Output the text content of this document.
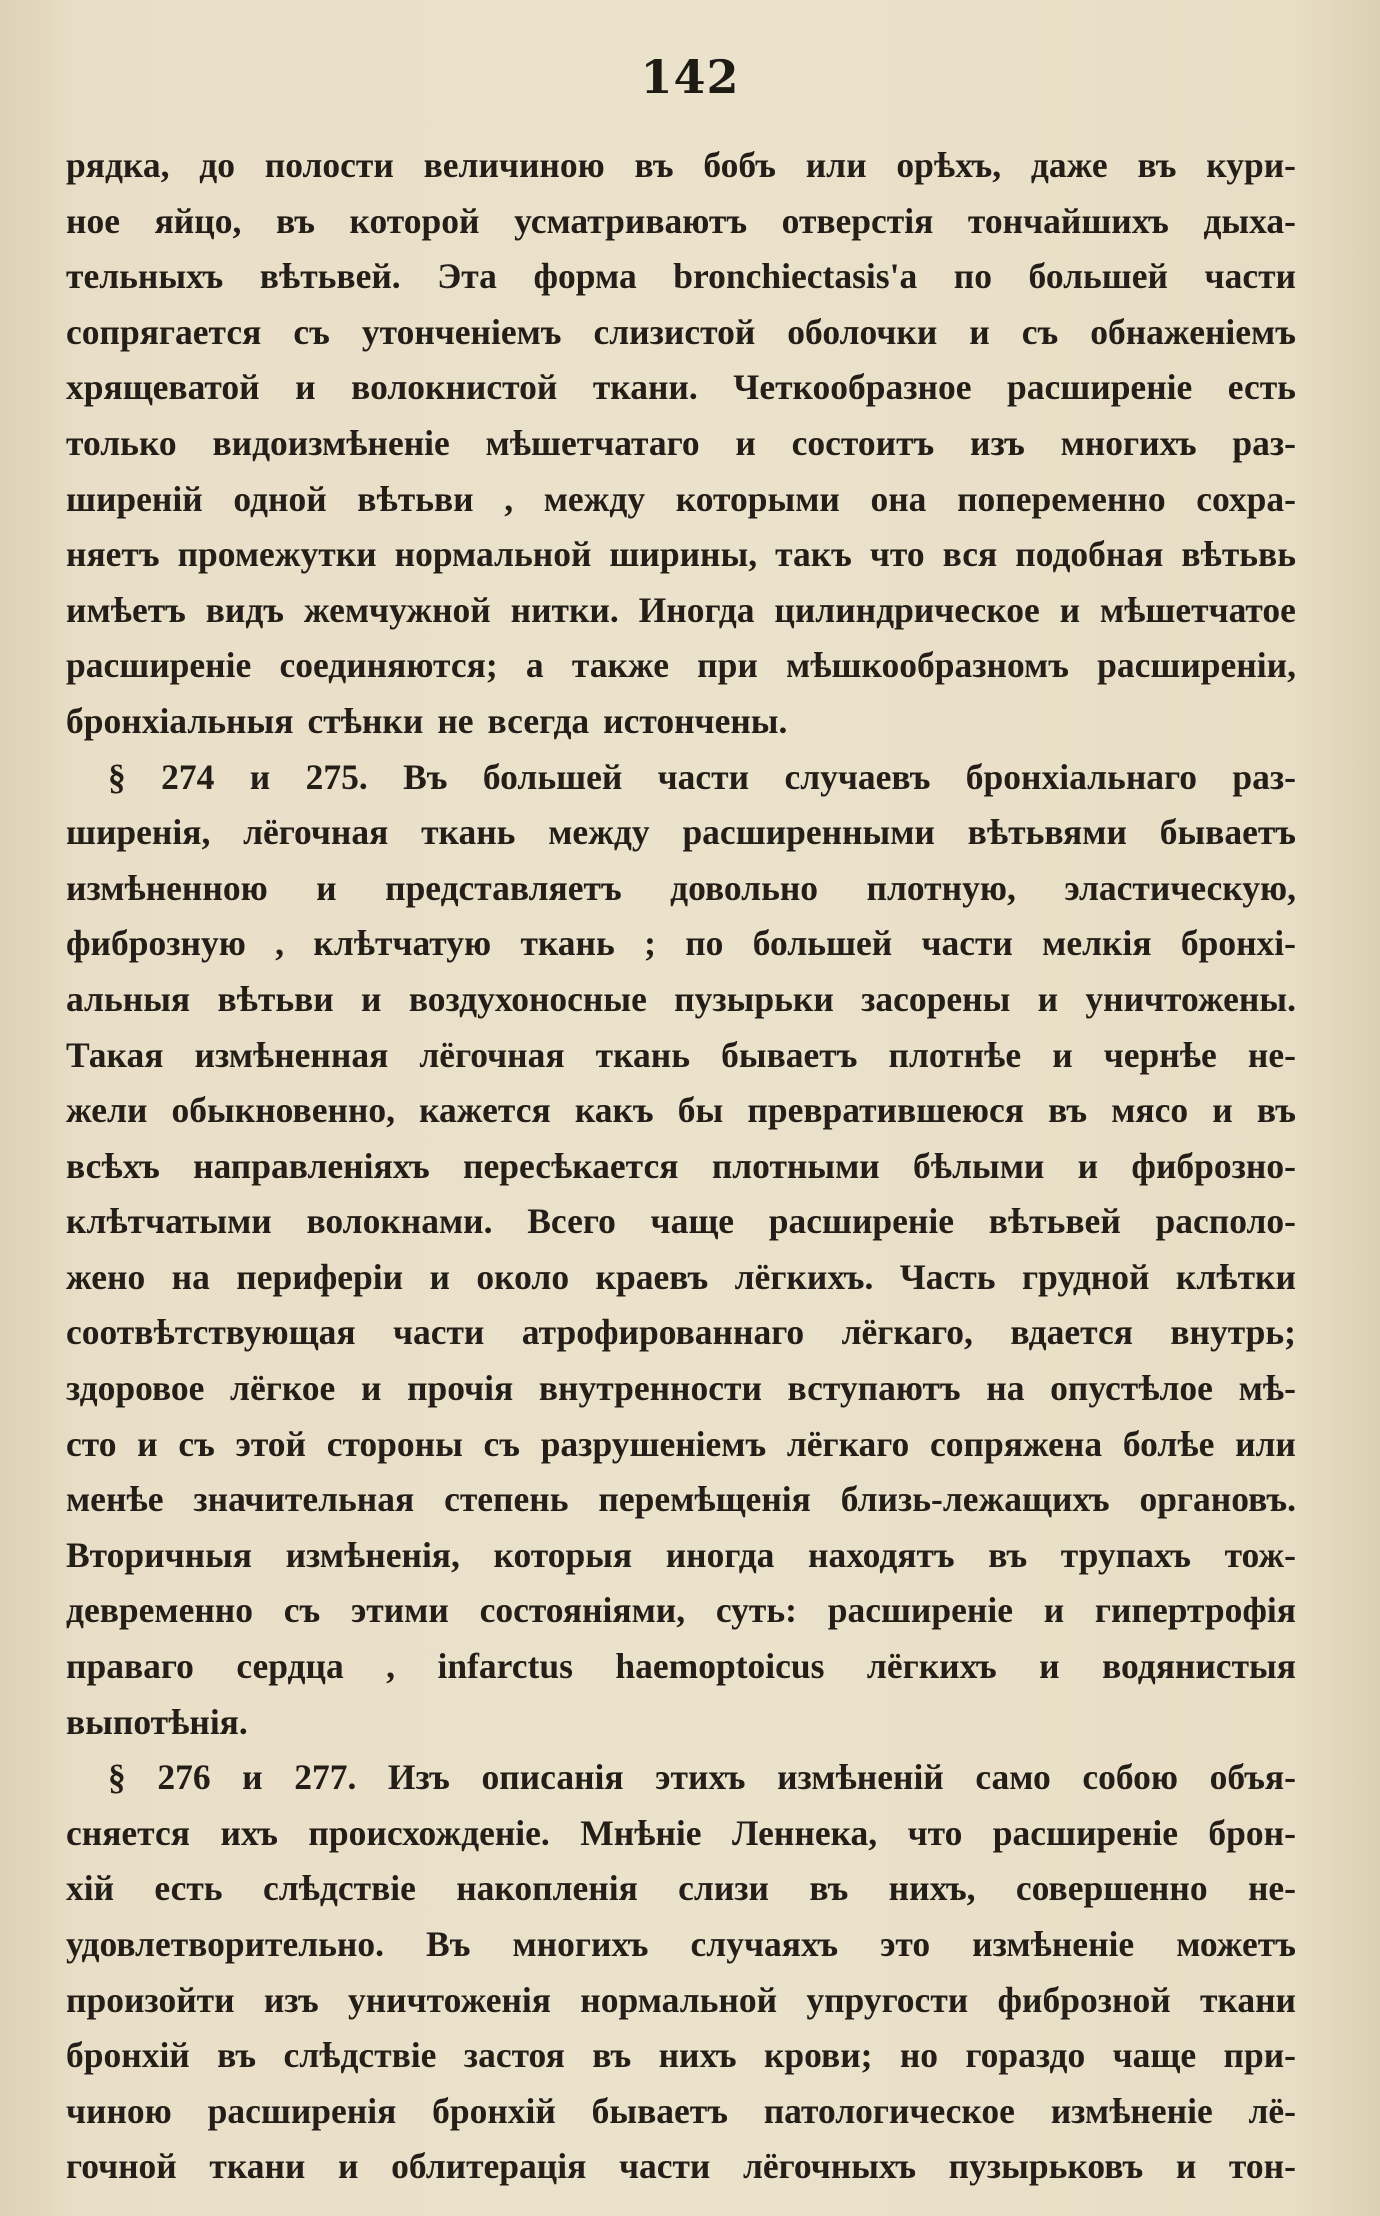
142
рядка, до полости величиною въ бобъ или орѣхъ, даже въ кури-
ное яйцо, въ которой усматриваютъ отверстія тончайшихъ дыха-
тельныхъ вѣтьвей. Эта форма bronchiectasis'а по большей части
сопрягается съ утонченіемъ слизистой оболочки и съ обнаженіемъ
хрящеватой и волокнистой ткани. Четкообразное расширеніе есть
только видоизмѣненіе мѣшетчатаго и состоитъ изъ многихъ раз-
ширеній одной вѣтьви , между которыми она попеременно сохра-
няетъ промежутки нормальной ширины, такъ что вся подобная вѣтьвь
имѣетъ видъ жемчужной нитки. Иногда цилиндрическое и мѣшетчатое
расширеніе соединяются; а также при мѣшкообразномъ расширеніи,
бронхіальныя стѣнки не всегда истончены.
§ 274 и 275. Въ большей части случаевъ бронхіальнаго раз-
ширенія, лёгочная ткань между расширенными вѣтьвями бываетъ
измѣненною и представляетъ довольно плотную, эластическую,
фиброзную , клѣтчатую ткань ; по большей части мелкія бронхі-
альныя вѣтьви и воздухоносные пузырьки засорены и уничтожены.
Такая измѣненная лёгочная ткань бываетъ плотнѣе и чернѣе не-
жели обыкновенно, кажется какъ бы превратившеюся въ мясо и въ
всѣхъ направленіяхъ пересѣкается плотными бѣлыми и фиброзно-
клѣтчатыми волокнами. Всего чаще расширеніе вѣтьвей располо-
жено на периферіи и около краевъ лёгкихъ. Часть грудной клѣтки
соотвѣтствующая части атрофированнаго лёгкаго, вдается внутрь;
здоровое лёгкое и прочія внутренности вступаютъ на опустѣлое мѣ-
сто и съ этой стороны съ разрушеніемъ лёгкаго сопряжена болѣе или
менѣе значительная степень перемѣщенія близь-лежащихъ органовъ.
Вторичныя измѣненія, которыя иногда находятъ въ трупахъ тож-
девременно съ этими состояніями, суть: расширеніе и гипертрофія
праваго сердца , infarctus haemoptoicus лёгкихъ и водянистыя
выпотѣнія.
§ 276 и 277. Изъ описанія этихъ измѣненій само собою объя-
сняется ихъ происхожденіе. Мнѣніе Леннека, что расширеніе брон-
хій есть слѣдствіе накопленія слизи въ нихъ, совершенно не-
удовлетворительно. Въ многихъ случаяхъ это измѣненіе можетъ
произойти изъ уничтоженія нормальной упругости фиброзной ткани
бронхій въ слѣдствіе застоя въ нихъ крови; но гораздо чаще при-
чиною расширенія бронхій бываетъ патологическое измѣненіе лё-
гочной ткани и облитерація части лёгочныхъ пузырьковъ и тон-
